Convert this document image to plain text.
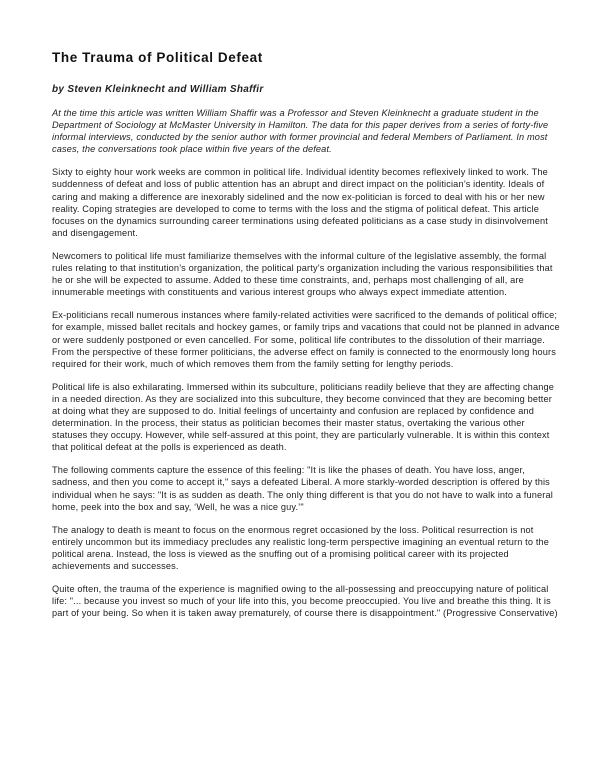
The Trauma of Political Defeat

by Steven Kleinknecht and William Shaffir

At the time this article was written William Shaffir was a Professor and Steven Kleinknecht a graduate student in the Department of Sociology at McMaster University in Hamilton. The data for this paper derives from a series of forty-five informal interviews, conducted by the senior author with former provincial and federal Members of Parliament. In most cases, the conversations took place within five years of the defeat.

Sixty to eighty hour work weeks are common in political life. Individual identity becomes reflexively linked to work. The suddenness of defeat and loss of public attention has an abrupt and direct impact on the politician’s identity. Ideals of caring and making a difference are inexorably sidelined and the now ex-politician is forced to deal with his or her new reality. Coping strategies are developed to come to terms with the loss and the stigma of political defeat. This article focuses on the dynamics surrounding career terminations using defeated politicians as a case study in disinvolvement and disengagement.

Newcomers to political life must familiarize themselves with the informal culture of the legislative assembly, the formal rules relating to that institution’s organization, the political party’s organization including the various responsibilities that he or she will be expected to assume. Added to these time constraints, and, perhaps most challenging of all, are innumerable meetings with constituents and various interest groups who always expect immediate attention.

Ex-politicians recall numerous instances where family-related activities were sacrificed to the demands of political office; for example, missed ballet recitals and hockey games, or family trips and vacations that could not be planned in advance or were suddenly postponed or even cancelled. For some, political life contributes to the dissolution of their marriage. From the perspective of these former politicians, the adverse effect on family is connected to the enormously long hours required for their work, much of which removes them from the family setting for lengthy periods.

Political life is also exhilarating. Immersed within its subculture, politicians readily believe that they are affecting change in a needed direction. As they are socialized into this subculture, they become convinced that they are becoming better at doing what they are supposed to do. Initial feelings of uncertainty and confusion are replaced by confidence and determination. In the process, their status as politician becomes their master status, overtaking the various other statuses they occupy. However, while self-assured at this point, they are particularly vulnerable. It is within this context that political defeat at the polls is experienced as death.

The following comments capture the essence of this feeling: "It is like the phases of death. You have loss, anger, sadness, and then you come to accept it," says a defeated Liberal. A more starkly-worded description is offered by this individual when he says: "It is as sudden as death. The only thing different is that you do not have to walk into a funeral home, peek into the box and say, ‘Well, he was a nice guy.’"

The analogy to death is meant to focus on the enormous regret occasioned by the loss. Political resurrection is not entirely uncommon but its immediacy precludes any realistic long-term perspective imagining an eventual return to the political arena. Instead, the loss is viewed as the snuffing out of a promising political career with its projected achievements and successes.

Quite often, the trauma of the experience is magnified owing to the all-possessing and preoccupying nature of political life: "... because you invest so much of your life into this, you become preoccupied. You live and breathe this thing. It is part of your being. So when it is taken away prematurely, of course there is disappointment." (Progressive Conservative)
